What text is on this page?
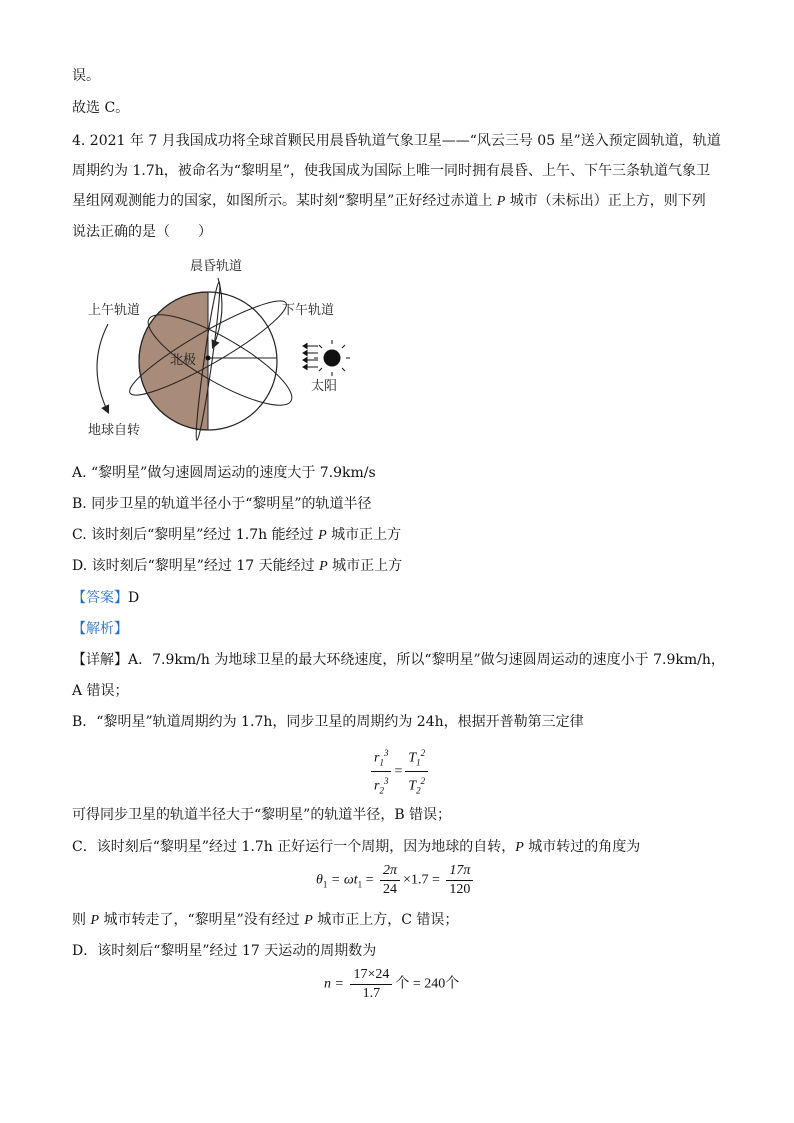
误。
故选 C。
4. 2021 年 7 月我国成功将全球首颗民用晨昏轨道气象卫星——“风云三号 05 星”送入预定圆轨道，轨道
周期约为 1.7h，被命名为“黎明星”，使我国成为国际上唯一同时拥有晨昏、上午、下午三条轨道气象卫
星组网观测能力的国家，如图所示。某时刻“黎明星”正好经过赤道上 P 城市（未标出）正上方，则下列
说法正确的是（　　）
晨昏轨道
上午轨道	下午轨道
北极
太阳
地球自转
A. “黎明星”做匀速圆周运动的速度大于 7.9km/s
B. 同步卫星的轨道半径小于“黎明星”的轨道半径
C. 该时刻后“黎明星”经过 1.7h 能经过 P 城市正上方
D. 该时刻后“黎明星”经过 17 天能经过 P 城市正上方
【答案】D
【解析】
【详解】A．7.9km/h 为地球卫星的最大环绕速度，所以“黎明星”做匀速圆周运动的速度小于 7.9km/h，
A 错误；
B．“黎明星”轨道周期约为 1.7h，同步卫星的周期约为 24h，根据开普勒第三定律
$\frac{r_1^3}{r_2^3} = \frac{T_1^2}{T_2^2}$
可得同步卫星的轨道半径大于“黎明星”的轨道半径，B 错误；
C．该时刻后“黎明星”经过 1.7h 正好运行一个周期，因为地球的自转，P 城市转过的角度为
$\theta_1 = \omega t_1 = \frac{2\pi}{24} \times 1.7 = \frac{17\pi}{120}$
则 P 城市转走了，“黎明星”没有经过 P 城市正上方，C 错误；
D．该时刻后“黎明星”经过 17 天运动的周期数为
$n = \frac{17\times 24}{1.7}$ 个 = 240个
